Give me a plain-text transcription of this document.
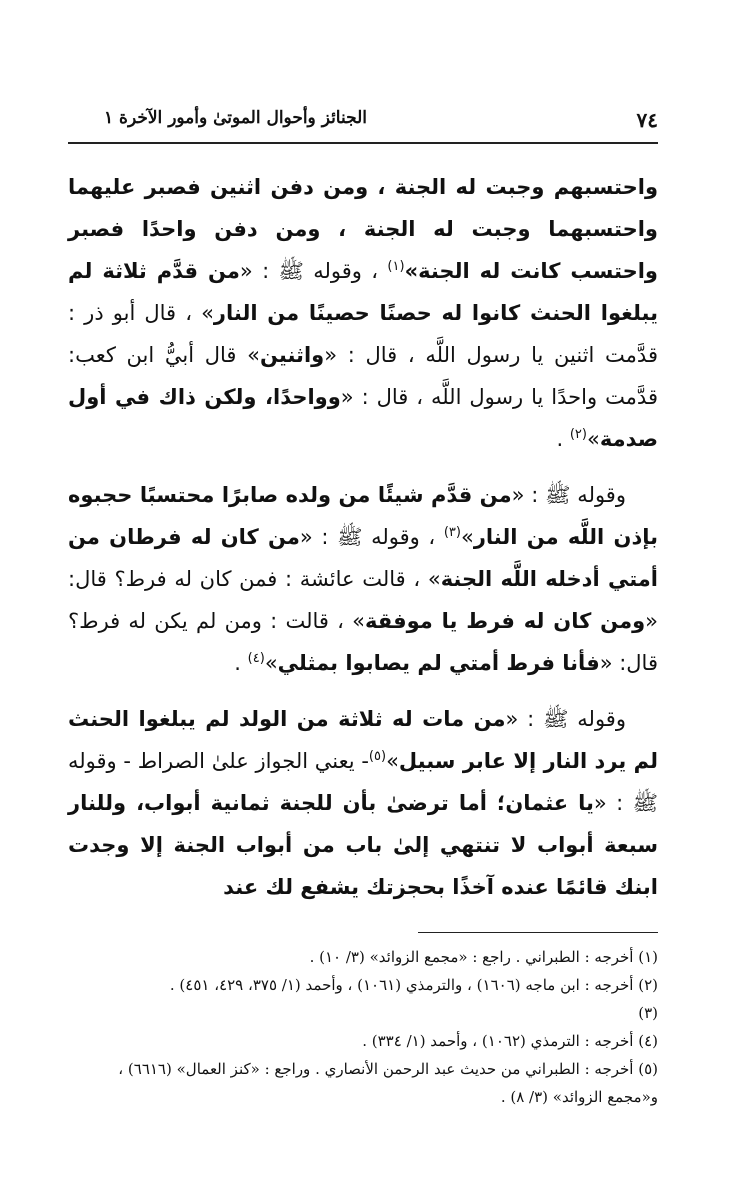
٧٤
الجنائز وأحوال الموتىٰ وأمور الآخرة ١

واحتسبهم وجبت له الجنة ، ومن دفن اثنين فصبر عليهما واحتسبهما وجبت له الجنة ، ومن دفن واحدًا فصبر واحتسب كانت له الجنة»$^{(١)}$ ، وقوله ﷺ : «من قدَّم ثلاثة لم يبلغوا الحنث كانوا له حصنًا حصينًا من النار» ، قال أبو ذر : قدَّمت اثنين يا رسول اللَّه ، قال : «واثنين» قال أبيُّ ابن كعب: قدَّمت واحدًا يا رسول اللَّه ، قال : «وواحدًا، ولكن ذاك في أول صدمة»$^{(٢)}$ .

وقوله ﷺ : «من قدَّم شيئًا من ولده صابرًا محتسبًا حجبوه بإذن اللَّه من النار»$^{(٣)}$ ، وقوله ﷺ : «من كان له فرطان من أمتي أدخله اللَّه الجنة» ، قالت عائشة : فمن كان له فرط؟ قال: «ومن كان له فرط يا موفقة» ، قالت : ومن لم يكن له فرط؟ قال: «فأنا فرط أمتي لم يصابوا بمثلي»$^{(٤)}$ .

وقوله ﷺ : «من مات له ثلاثة من الولد لم يبلغوا الحنث لم يرد النار إلا عابر سبيل»$^{(٥)}$- يعني الجواز علىٰ الصراط - وقوله ﷺ : «يا عثمان؛ أما ترضىٰ بأن للجنة ثمانية أبواب، وللنار سبعة أبواب لا تنتهي إلىٰ باب من أبواب الجنة إلا وجدت ابنك قائمًا عنده آخذًا بحجزتك يشفع لك عند

(١) أخرجه : الطبراني . راجع : «مجمع الزوائد» (٣/ ١٠) .

(٢) أخرجه : ابن ماجه (١٦٠٦) ، والترمذي (١٠٦١) ، وأحمد (١/ ٣٧٥، ٤٢٩، ٤٥١) .

(٣)

(٤) أخرجه : الترمذي (١٠٦٢) ، وأحمد (١/ ٣٣٤) .

(٥) أخرجه : الطبراني من حديث عبد الرحمن الأنصاري . وراجع : «كنز العمال» (٦٦١٦) ، و«مجمع الزوائد» (٣/ ٨) .
